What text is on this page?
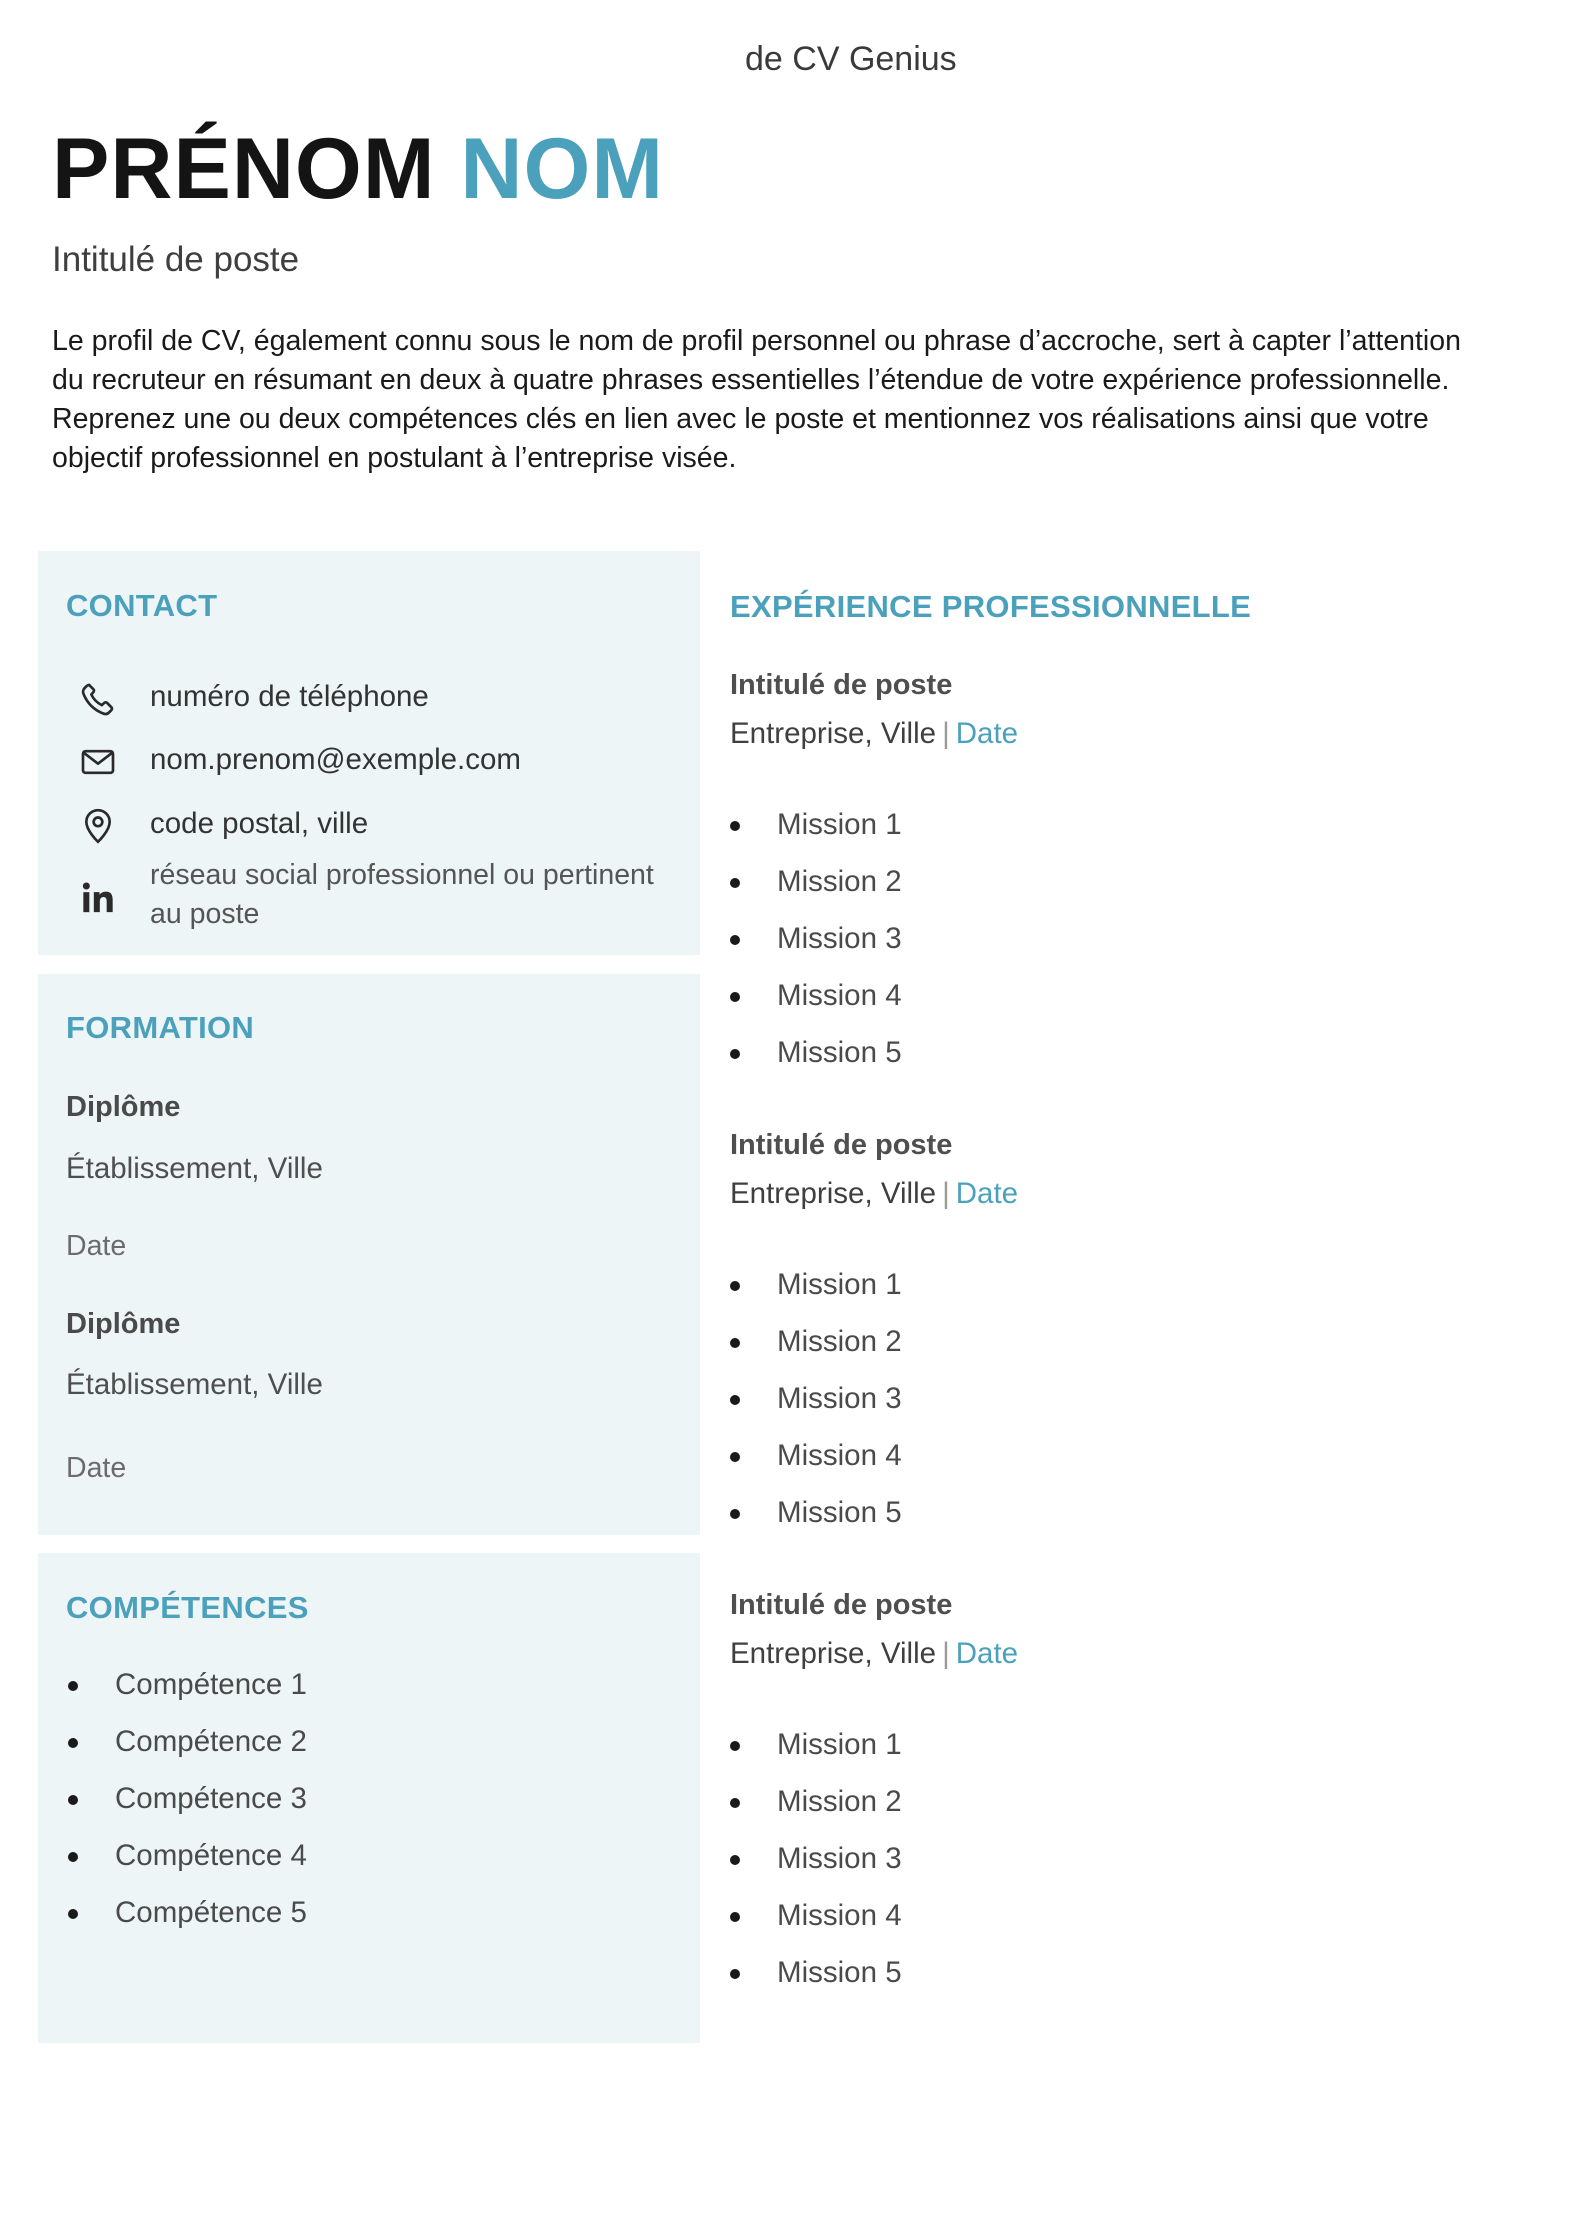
de CV Genius
PRÉNOM NOM
Intitulé de poste

Le profil de CV, également connu sous le nom de profil personnel ou phrase d’accroche, sert à capter l’attention du recruteur en résumant en deux à quatre phrases essentielles l’étendue de votre expérience professionnelle. Reprenez une ou deux compétences clés en lien avec le poste et mentionnez vos réalisations ainsi que votre objectif professionnel en postulant à l’entreprise visée.

CONTACT
numéro de téléphone
nom.prenom@exemple.com
code postal, ville
réseau social professionnel ou pertinent au poste
FORMATION
Diplôme
Établissement, Ville
Date
Diplôme
Établissement, Ville
Date
COMPÉTENCES
Compétence 1
Compétence 2
Compétence 3
Compétence 4
Compétence 5
EXPÉRIENCE PROFESSIONNELLE
Intitulé de poste
Entreprise, Ville | Date
Mission 1
Mission 2
Mission 3
Mission 4
Mission 5
Intitulé de poste
Entreprise, Ville | Date
Mission 1
Mission 2
Mission 3
Mission 4
Mission 5
Intitulé de poste
Entreprise, Ville | Date
Mission 1
Mission 2
Mission 3
Mission 4
Mission 5
